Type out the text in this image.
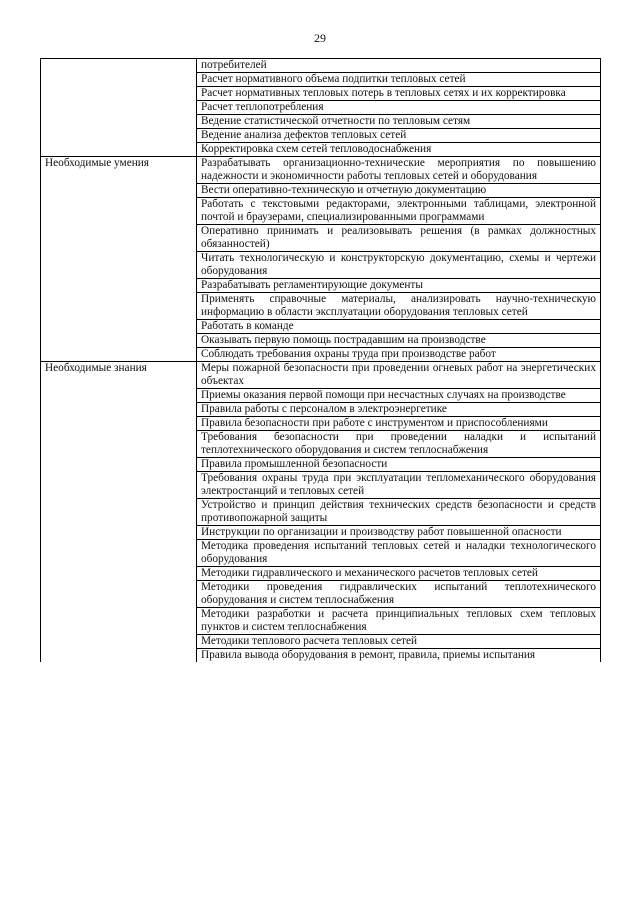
29
	потребителей
	Расчет нормативного объема подпитки тепловых сетей
	Расчет нормативных тепловых потерь в тепловых сетях и их корректировка
	Расчет теплопотребления
	Ведение статистической отчетности по тепловым сетям
	Ведение анализа дефектов тепловых сетей
	Корректировка схем сетей тепловодоснабжения
Необходимые умения	Разрабатывать организационно-технические мероприятия по повышению надежности и экономичности работы тепловых сетей и оборудования
	Вести оперативно-техническую и отчетную документацию
	Работать с текстовыми редакторами, электронными таблицами, электронной почтой и браузерами, специализированными программами
	Оперативно принимать и реализовывать решения (в рамках должностных обязанностей)
	Читать технологическую и конструкторскую документацию, схемы и чертежи оборудования
	Разрабатывать регламентирующие документы
	Применять справочные материалы, анализировать научно-техническую информацию в области эксплуатации оборудования тепловых сетей
	Работать в команде
	Оказывать первую помощь пострадавшим на производстве
	Соблюдать требования охраны труда при производстве работ
Необходимые знания	Меры пожарной безопасности при проведении огневых работ на энергетических объектах
	Приемы оказания первой помощи при несчастных случаях на производстве
	Правила работы с персоналом в электроэнергетике
	Правила безопасности при работе с инструментом и приспособлениями
	Требования безопасности при проведении наладки и испытаний теплотехнического оборудования и систем теплоснабжения
	Правила промышленной безопасности
	Требования охраны труда при эксплуатации тепломеханического оборудования электростанций и тепловых сетей
	Устройство и принцип действия технических средств безопасности и средств противопожарной защиты
	Инструкции по организации и производству работ повышенной опасности
	Методика проведения испытаний тепловых сетей и наладки технологического оборудования
	Методики гидравлического и механического расчетов тепловых сетей
	Методики проведения гидравлических испытаний теплотехнического оборудования и систем теплоснабжения
	Методики разработки и расчета принципиальных тепловых схем тепловых пунктов и систем теплоснабжения
	Методики теплового расчета тепловых сетей
	Правила вывода оборудования в ремонт, правила, приемы испытания
